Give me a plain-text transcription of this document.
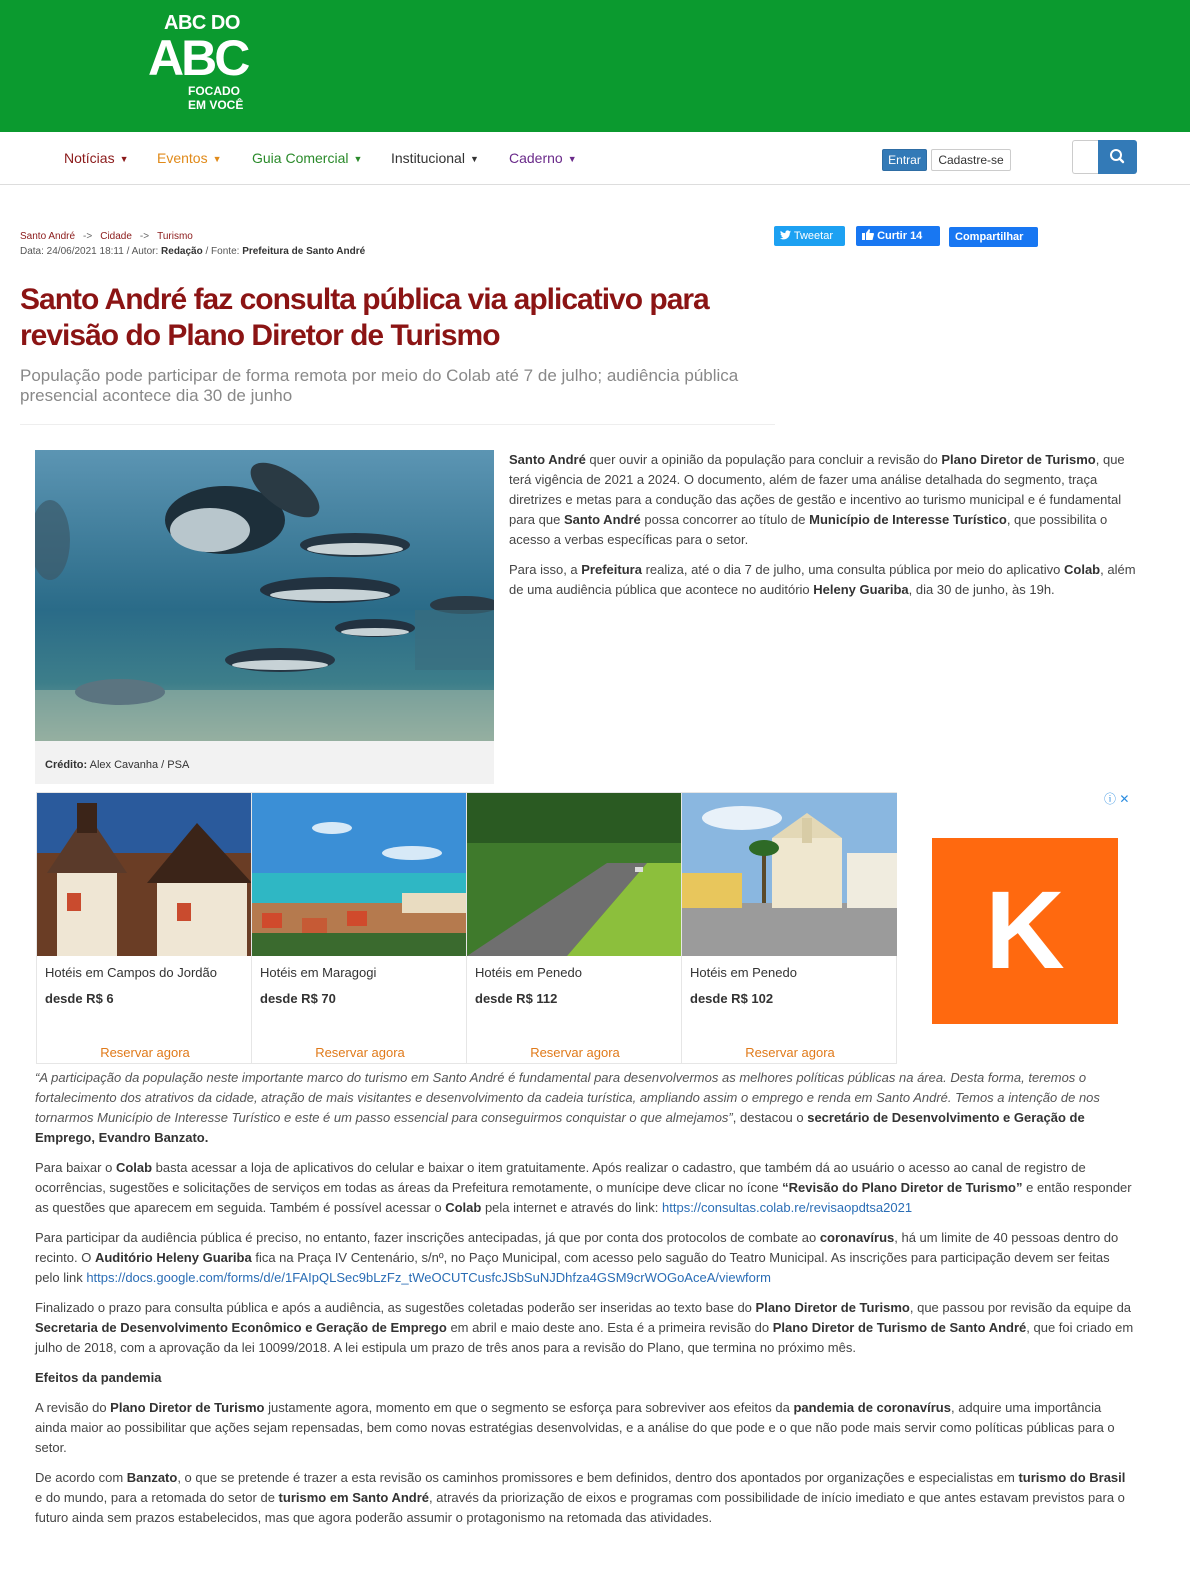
ABC DO
ABC
FOCADO
EM VOCÊ
Notícias ▼ Eventos ▼ Guia Comercial ▼ Institucional ▼ Caderno ▼	Entrar	Cadastre-se
Santo André -> Cidade -> Turismo
Data: 24/06/2021 18:11 / Autor: Redação / Fonte: Prefeitura de Santo André
Tweetar	Curtir 14	Compartilhar
Santo André faz consulta pública via aplicativo para revisão do Plano Diretor de Turismo
População pode participar de forma remota por meio do Colab até 7 de julho; audiência pública presencial acontece dia 30 de junho
Crédito: Alex Cavanha / PSA

Santo André quer ouvir a opinião da população para concluir a revisão do Plano Diretor de Turismo, que terá vigência de 2021 a 2024. O documento, além de fazer uma análise detalhada do segmento, traça diretrizes e metas para a condução das ações de gestão e incentivo ao turismo municipal e é fundamental para que Santo André possa concorrer ao título de Município de Interesse Turístico, que possibilita o acesso a verbas específicas para o setor.

Para isso, a Prefeitura realiza, até o dia 7 de julho, uma consulta pública por meio do aplicativo Colab, além de uma audiência pública que acontece no auditório Heleny Guariba, dia 30 de junho, às 19h.

Hotéis em Campos do Jordão
desde R$ 6
Reservar agora
Hotéis em Maragogi
desde R$ 70
Reservar agora
Hotéis em Penedo
desde R$ 112
Reservar agora
Hotéis em Penedo
desde R$ 102
Reservar agora
K
ⓘ ✕

“A participação da população neste importante marco do turismo em Santo André é fundamental para desenvolvermos as melhores políticas públicas na área. Desta forma, teremos o fortalecimento dos atrativos da cidade, atração de mais visitantes e desenvolvimento da cadeia turística, ampliando assim o emprego e renda em Santo André. Temos a intenção de nos tornarmos Município de Interesse Turístico e este é um passo essencial para conseguirmos conquistar o que almejamos”, destacou o secretário de Desenvolvimento e Geração de Emprego, Evandro Banzato.

Para baixar o Colab basta acessar a loja de aplicativos do celular e baixar o item gratuitamente. Após realizar o cadastro, que também dá ao usuário o acesso ao canal de registro de ocorrências, sugestões e solicitações de serviços em todas as áreas da Prefeitura remotamente, o munícipe deve clicar no ícone “Revisão do Plano Diretor de Turismo” e então responder as questões que aparecem em seguida. Também é possível acessar o Colab pela internet e através do link: https://consultas.colab.re/revisaopdtsa2021

Para participar da audiência pública é preciso, no entanto, fazer inscrições antecipadas, já que por conta dos protocolos de combate ao coronavírus, há um limite de 40 pessoas dentro do recinto. O Auditório Heleny Guariba fica na Praça IV Centenário, s/nº, no Paço Municipal, com acesso pelo saguão do Teatro Municipal. As inscrições para participação devem ser feitas pelo link https://docs.google.com/forms/d/e/1FAIpQLSec9bLzFz_tWeOCUTCusfcJSbSuNJDhfza4GSM9crWOGoAceA/viewform

Finalizado o prazo para consulta pública e após a audiência, as sugestões coletadas poderão ser inseridas ao texto base do Plano Diretor de Turismo, que passou por revisão da equipe da Secretaria de Desenvolvimento Econômico e Geração de Emprego em abril e maio deste ano. Esta é a primeira revisão do Plano Diretor de Turismo de Santo André, que foi criado em julho de 2018, com a aprovação da lei 10099/2018. A lei estipula um prazo de três anos para a revisão do Plano, que termina no próximo mês.

Efeitos da pandemia

A revisão do Plano Diretor de Turismo justamente agora, momento em que o segmento se esforça para sobreviver aos efeitos da pandemia de coronavírus, adquire uma importância ainda maior ao possibilitar que ações sejam repensadas, bem como novas estratégias desenvolvidas, e a análise do que pode e o que não pode mais servir como políticas públicas para o setor.

De acordo com Banzato, o que se pretende é trazer a esta revisão os caminhos promissores e bem definidos, dentro dos apontados por organizações e especialistas em turismo do Brasil e do mundo, para a retomada do setor de turismo em Santo André, através da priorização de eixos e programas com possibilidade de início imediato e que antes estavam previstos para o futuro ainda sem prazos estabelecidos, mas que agora poderão assumir o protagonismo na retomada das atividades.
